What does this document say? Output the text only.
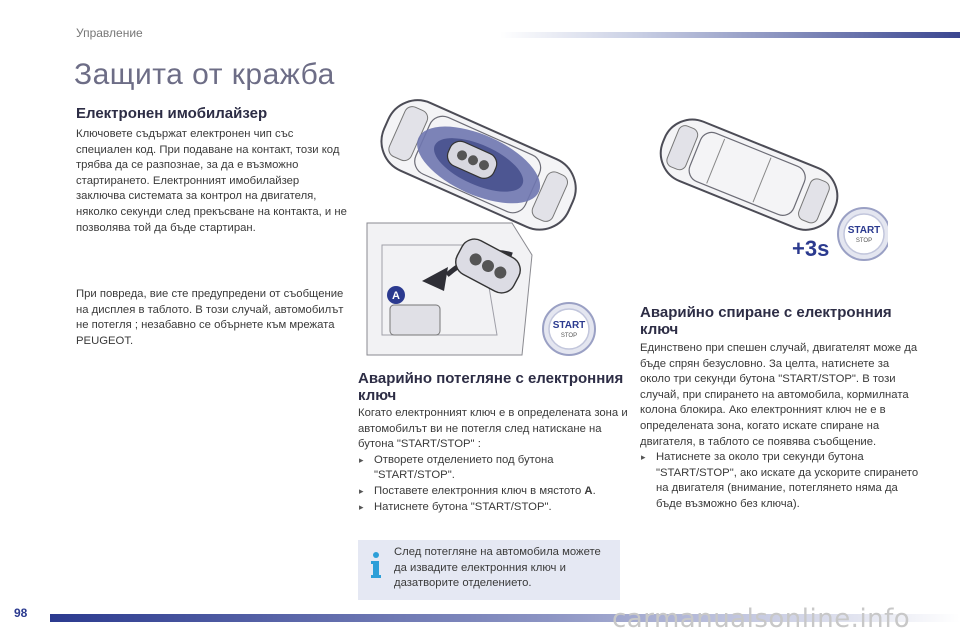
Управление
Защита от кражба
Електронен имобилайзер

Ключовете съдържат електронен чип със специален код. При подаване на контакт, този код трябва да се разпознае, за да е възможно стартирането. Електронният имобилайзер заключва системата за контрол на двигателя, няколко секунди след прекъсване на контакта, и не позволява той да бъде стартиран.

При повреда, вие сте предупредени от съобщение на дисплея в таблото. В този случай, автомобилът не потегля ; незабавно се обърнете към мрежата PEUGEOT.

A
START
STOP
Аварийно потегляне с електронния ключ
Когато електронният ключ е в определената зона и автомобилът ви не потегля след натискане на бутона "START/STOP" :
▸ Отворете отделението под бутона "START/STOP".
▸ Поставете електронния ключ в мястото A.
▸ Натиснете бутона "START/STOP".
След потегляне на автомобила можете да извадите електронния ключ и дазатворите отделението.
+3s
START
STOP
Аварийно спиране с електронния ключ
Единствено при спешен случай, двигателят може да бъде спрян безусловно. За целта, натиснете за около три секунди бутона "START/STOP". В този случай, при спирането на автомобила, кормилната колона блокира. Ако електронният ключ не е в определената зона, когато искате спиране на двигателя, в таблото се появява съобщение.
▸ Натиснете за около три секунди бутона "START/STOP", ако искате да ускорите спирането на двигателя (внимание, потеглянето няма да бъде възможно без ключа).
98	carmanualsonline.info
